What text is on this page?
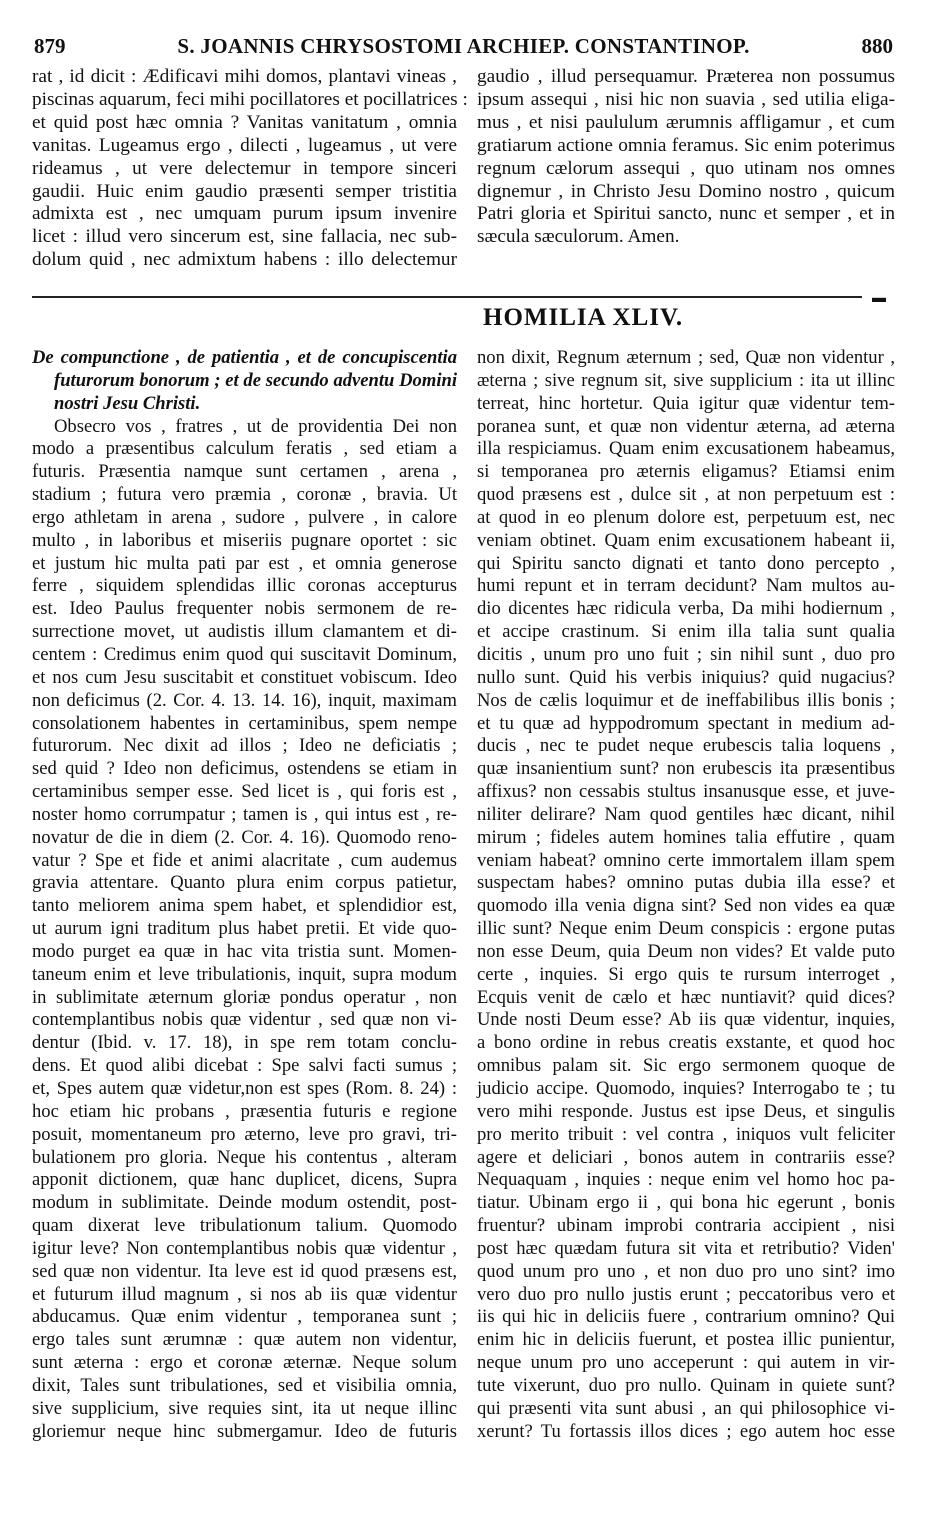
S. JOANNIS CHRYSOSTOMI ARCHIEP. CONSTANTINOP.
879	880
rat , id dicit : Ædificavi mihi domos, plantavi vineas ,
piscinas aquarum, feci mihi pocillatores et pocillatrices :
et quid post hæc omnia ? Vanitas vanitatum , omnia
vanitas. Lugeamus ergo , dilecti , lugeamus , ut vere
rideamus , ut vere delectemur in tempore sinceri
gaudii. Huic enim gaudio præsenti semper tristitia
admixta est , nec umquam purum ipsum invenire
licet : illud vero sincerum est, sine fallacia, nec sub-
dolum quid , nec admixtum habens : illo delectemur
gaudio , illud persequamur. Præterea non possumus
ipsum assequi , nisi hic non suavia , sed utilia eliga-
mus , et nisi paululum ærumnis affligamur , et cum
gratiarum actione omnia feramus. Sic enim poterimus
regnum cælorum assequi , quo utinam nos omnes
dignemur , in Christo Jesu Domino nostro , quicum
Patri gloria et Spiritui sancto, nunc et semper , et in
sæcula sæculorum. Amen.
▬
HOMILIA XLIV.
De compunctione , de patientia , et de concupiscentia
futurorum bonorum ; et de secundo adventu Domini
nostri Jesu Christi.
Obsecro vos , fratres , ut de providentia Dei non
modo a præsentibus calculum feratis , sed etiam a
futuris. Præsentia namque sunt certamen , arena ,
stadium ; futura vero præmia , coronæ , bravia. Ut
ergo athletam in arena , sudore , pulvere , in calore
multo , in laboribus et miseriis pugnare oportet : sic
et justum hic multa pati par est , et omnia generose
ferre , siquidem splendidas illic coronas accepturus
est. Ideo Paulus frequenter nobis sermonem de re-
surrectione movet, ut audistis illum clamantem et di-
centem : Credimus enim quod qui suscitavit Dominum,
et nos cum Jesu suscitabit et constituet vobiscum. Ideo
non deficimus (2. Cor. 4. 13. 14. 16), inquit, maximam
consolationem habentes in certaminibus, spem nempe
futurorum. Nec dixit ad illos ; Ideo ne deficiatis ;
sed quid ? Ideo non deficimus, ostendens se etiam in
certaminibus semper esse. Sed licet is , qui foris est ,
noster homo corrumpatur ; tamen is , qui intus est , re-
novatur de die in diem (2. Cor. 4. 16). Quomodo reno-
vatur ? Spe et fide et animi alacritate , cum audemus
gravia attentare. Quanto plura enim corpus patietur,
tanto meliorem anima spem habet, et splendidior est,
ut aurum igni traditum plus habet pretii. Et vide quo-
modo purget ea quæ in hac vita tristia sunt. Momen-
taneum enim et leve tribulationis, inquit, supra modum
in sublimitate æternum gloriæ pondus operatur , non
contemplantibus nobis quæ videntur , sed quæ non vi-
dentur (Ibid. v. 17. 18), in spe rem totam conclu-
dens. Et quod alibi dicebat : Spe salvi facti sumus ;
et, Spes autem quæ videtur,non est spes (Rom. 8. 24) :
hoc etiam hic probans , præsentia futuris e regione
posuit, momentaneum pro æterno, leve pro gravi, tri-
bulationem pro gloria. Neque his contentus , alteram
apponit dictionem, quæ hanc duplicet, dicens, Supra
modum in sublimitate. Deinde modum ostendit, post-
quam dixerat leve tribulationum talium. Quomodo
igitur leve? Non contemplantibus nobis quæ videntur ,
sed quæ non videntur. Ita leve est id quod præsens est,
et futurum illud magnum , si nos ab iis quæ videntur
abducamus. Quæ enim videntur , temporanea sunt ;
ergo tales sunt ærumnæ : quæ autem non videntur,
sunt æterna : ergo et coronæ æternæ. Neque solum
dixit, Tales sunt tribulationes, sed et visibilia omnia,
sive supplicium, sive requies sint, ita ut neque illinc
gloriemur neque hinc submergamur. Ideo de futuris
non dixit, Regnum æternum ; sed, Quæ non videntur ,
æterna ; sive regnum sit, sive supplicium : ita ut illinc
terreat, hinc hortetur. Quia igitur quæ videntur tem-
poranea sunt, et quæ non videntur æterna, ad æterna
illa respiciamus. Quam enim excusationem habeamus,
si temporanea pro æternis eligamus? Etiamsi enim
quod præsens est , dulce sit , at non perpetuum est :
at quod in eo plenum dolore est, perpetuum est, nec
veniam obtinet. Quam enim excusationem habeant ii,
qui Spiritu sancto dignati et tanto dono percepto ,
humi repunt et in terram decidunt? Nam multos au-
dio dicentes hæc ridicula verba, Da mihi hodiernum ,
et accipe crastinum. Si enim illa talia sunt qualia
dicitis , unum pro uno fuit ; sin nihil sunt , duo pro
nullo sunt. Quid his verbis iniquius? quid nugacius?
Nos de cælis loquimur et de ineffabilibus illis bonis ;
et tu quæ ad hyppodromum spectant in medium ad-
ducis , nec te pudet neque erubescis talia loquens ,
quæ insanientium sunt? non erubescis ita præsentibus
affixus? non cessabis stultus insanusque esse, et juve-
niliter delirare? Nam quod gentiles hæc dicant, nihil
mirum ; fideles autem homines talia effutire , quam
veniam habeat? omnino certe immortalem illam spem
suspectam habes? omnino putas dubia illa esse? et
quomodo illa venia digna sint? Sed non vides ea quæ
illic sunt? Neque enim Deum conspicis : ergone putas
non esse Deum, quia Deum non vides? Et valde puto
certe , inquies. Si ergo quis te rursum interroget ,
Ecquis venit de cælo et hæc nuntiavit? quid dices?
Unde nosti Deum esse? Ab iis quæ videntur, inquies,
a bono ordine in rebus creatis exstante, et quod hoc
omnibus palam sit. Sic ergo sermonem quoque de
judicio accipe. Quomodo, inquies? Interrogabo te ; tu
vero mihi responde. Justus est ipse Deus, et singulis
pro merito tribuit : vel contra , iniquos vult feliciter
agere et deliciari , bonos autem in contrariis esse?
Nequaquam , inquies : neque enim vel homo hoc pa-
tiatur. Ubinam ergo ii , qui bona hic egerunt , bonis
fruentur? ubinam improbi contraria accipient , nisi
post hæc quædam futura sit vita et retributio? Viden'
quod unum pro uno , et non duo pro uno sint? imo
vero duo pro nullo justis erunt ; peccatoribus vero et
iis qui hic in deliciis fuere , contrarium omnino? Qui
enim hic in deliciis fuerunt, et postea illic punientur,
neque unum pro uno acceperunt : qui autem in vir-
tute vixerunt, duo pro nullo. Quinam in quiete sunt?
qui præsenti vita sunt abusi , an qui philosophice vi-
xerunt? Tu fortassis illos dices ; ego autem hoc esse
